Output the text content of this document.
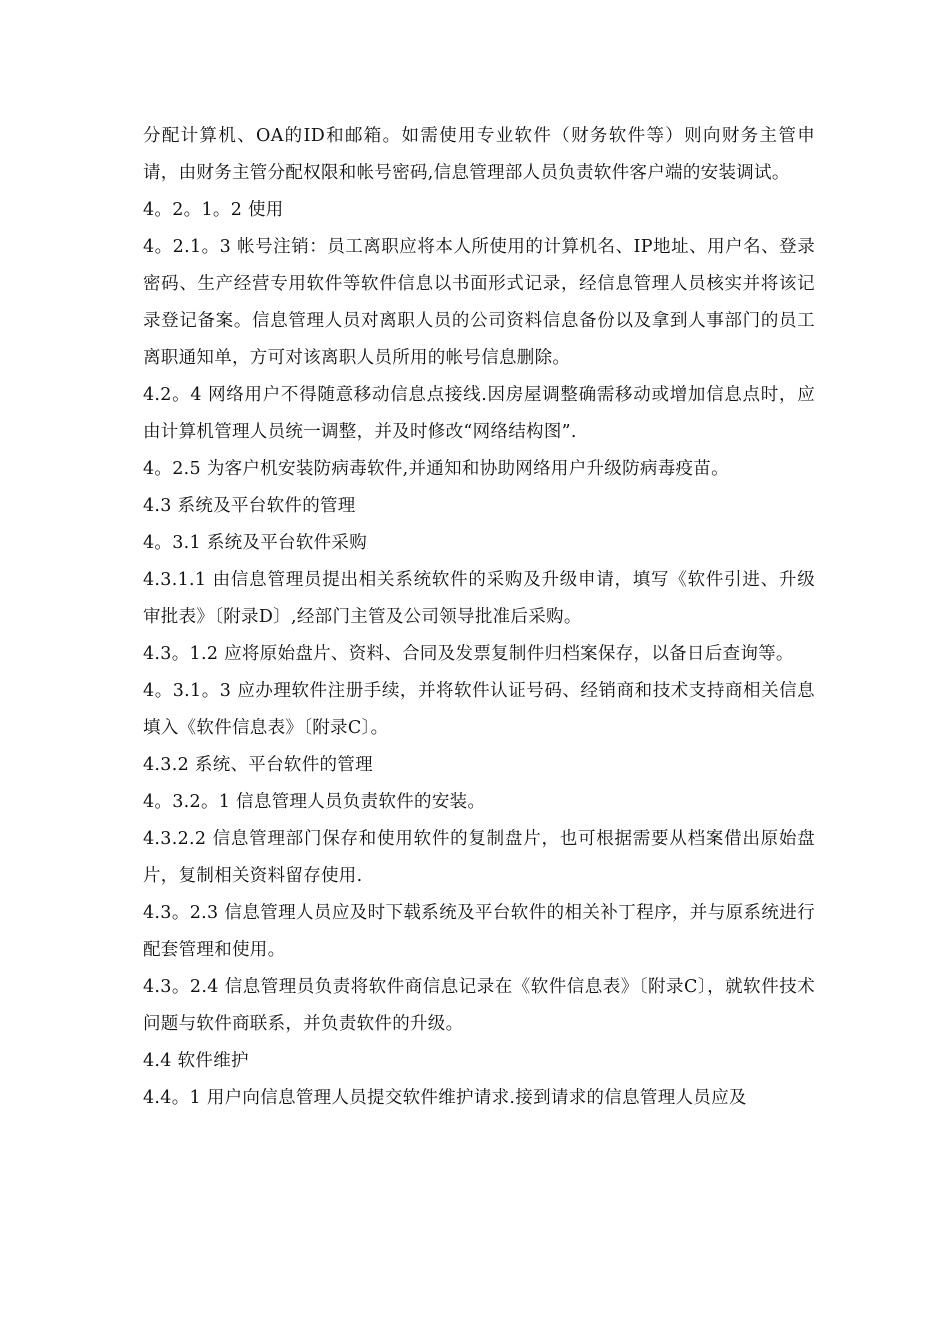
分配计算机、OA的ID和邮箱。如需使用专业软件（财务软件等）则向财务主管申请，由财务主管分配权限和帐号密码,信息管理部人员负责软件客户端的安装调试。

4。2。1。2 使用

4。2.1。3 帐号注销：员工离职应将本人所使用的计算机名、IP地址、用户名、登录密码、生产经营专用软件等软件信息以书面形式记录，经信息管理人员核实并将该记录登记备案。信息管理人员对离职人员的公司资料信息备份以及拿到人事部门的员工离职通知单，方可对该离职人员所用的帐号信息删除。

4.2。4 网络用户不得随意移动信息点接线.因房屋调整确需移动或增加信息点时，应由计算机管理人员统一调整，并及时修改“网络结构图”.

4。2.5 为客户机安装防病毒软件,并通知和协助网络用户升级防病毒疫苗。

4.3 系统及平台软件的管理

4。3.1 系统及平台软件采购

4.3.1.1 由信息管理员提出相关系统软件的采购及升级申请，填写《软件引进、升级审批表》〔附录D〕,经部门主管及公司领导批准后采购。

4.3。1.2 应将原始盘片、资料、合同及发票复制件归档案保存，以备日后查询等。

4。3.1。3 应办理软件注册手续，并将软件认证号码、经销商和技术支持商相关信息填入《软件信息表》〔附录C〕。

4.3.2 系统、平台软件的管理

4。3.2。1 信息管理人员负责软件的安装。

4.3.2.2 信息管理部门保存和使用软件的复制盘片，也可根据需要从档案借出原始盘片，复制相关资料留存使用.

4.3。2.3 信息管理人员应及时下载系统及平台软件的相关补丁程序，并与原系统进行配套管理和使用。

4.3。2.4 信息管理员负责将软件商信息记录在《软件信息表》〔附录C〕，就软件技术问题与软件商联系，并负责软件的升级。

4.4 软件维护

4.4。1 用户向信息管理人员提交软件维护请求.接到请求的信息管理人员应及
